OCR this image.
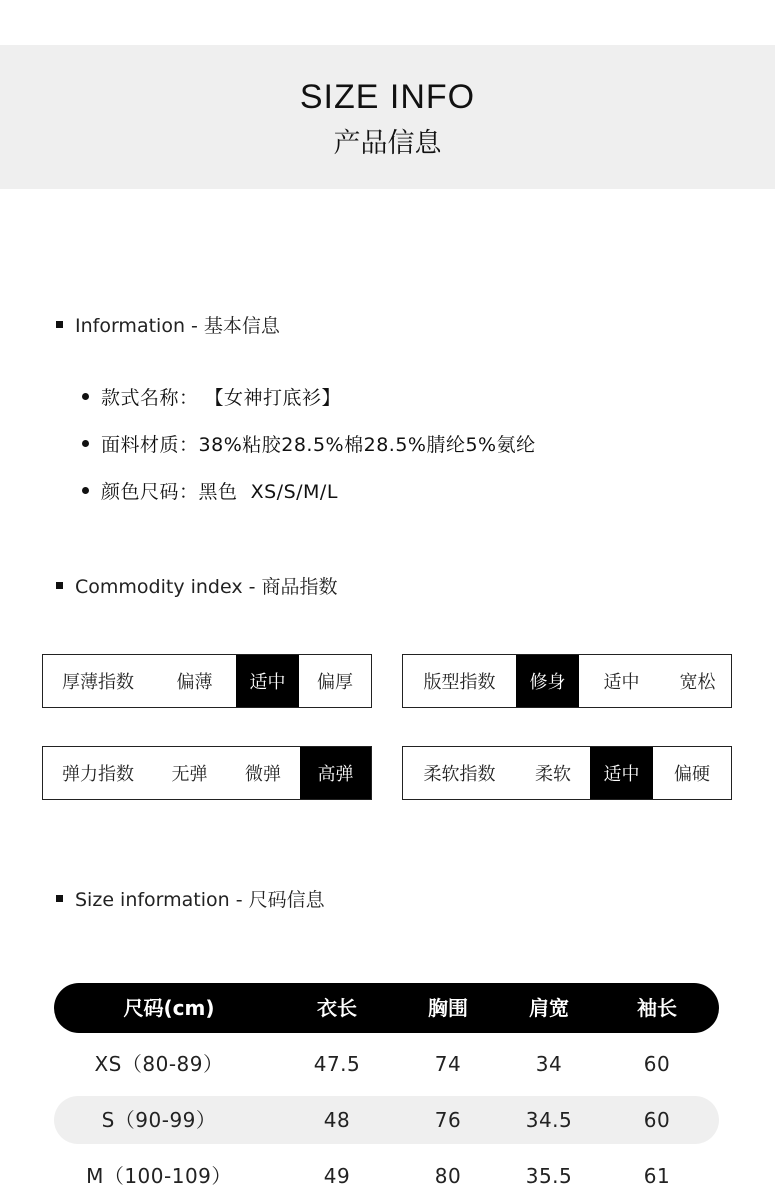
SIZE INFO
产品信息
Information - 基本信息
款式名称： 【女神打底衫】
面料材质： 38%粘胶28.5%棉28.5%腈纶5%氨纶
颜色尺码： 黑色  XS/S/M/L
Commodity index - 商品指数
厚薄指数	偏薄	适中	偏厚	版型指数	修身	适中	宽松
弹力指数	无弹	微弹	高弹	柔软指数	柔软	适中	偏硬
Size information - 尺码信息
尺码(cm)	衣长	胸围	肩宽	袖长
XS（80-89）	47.5	74	34	60
S（90-99）	48	76	34.5	60
M（100-109）	49	80	35.5	61
